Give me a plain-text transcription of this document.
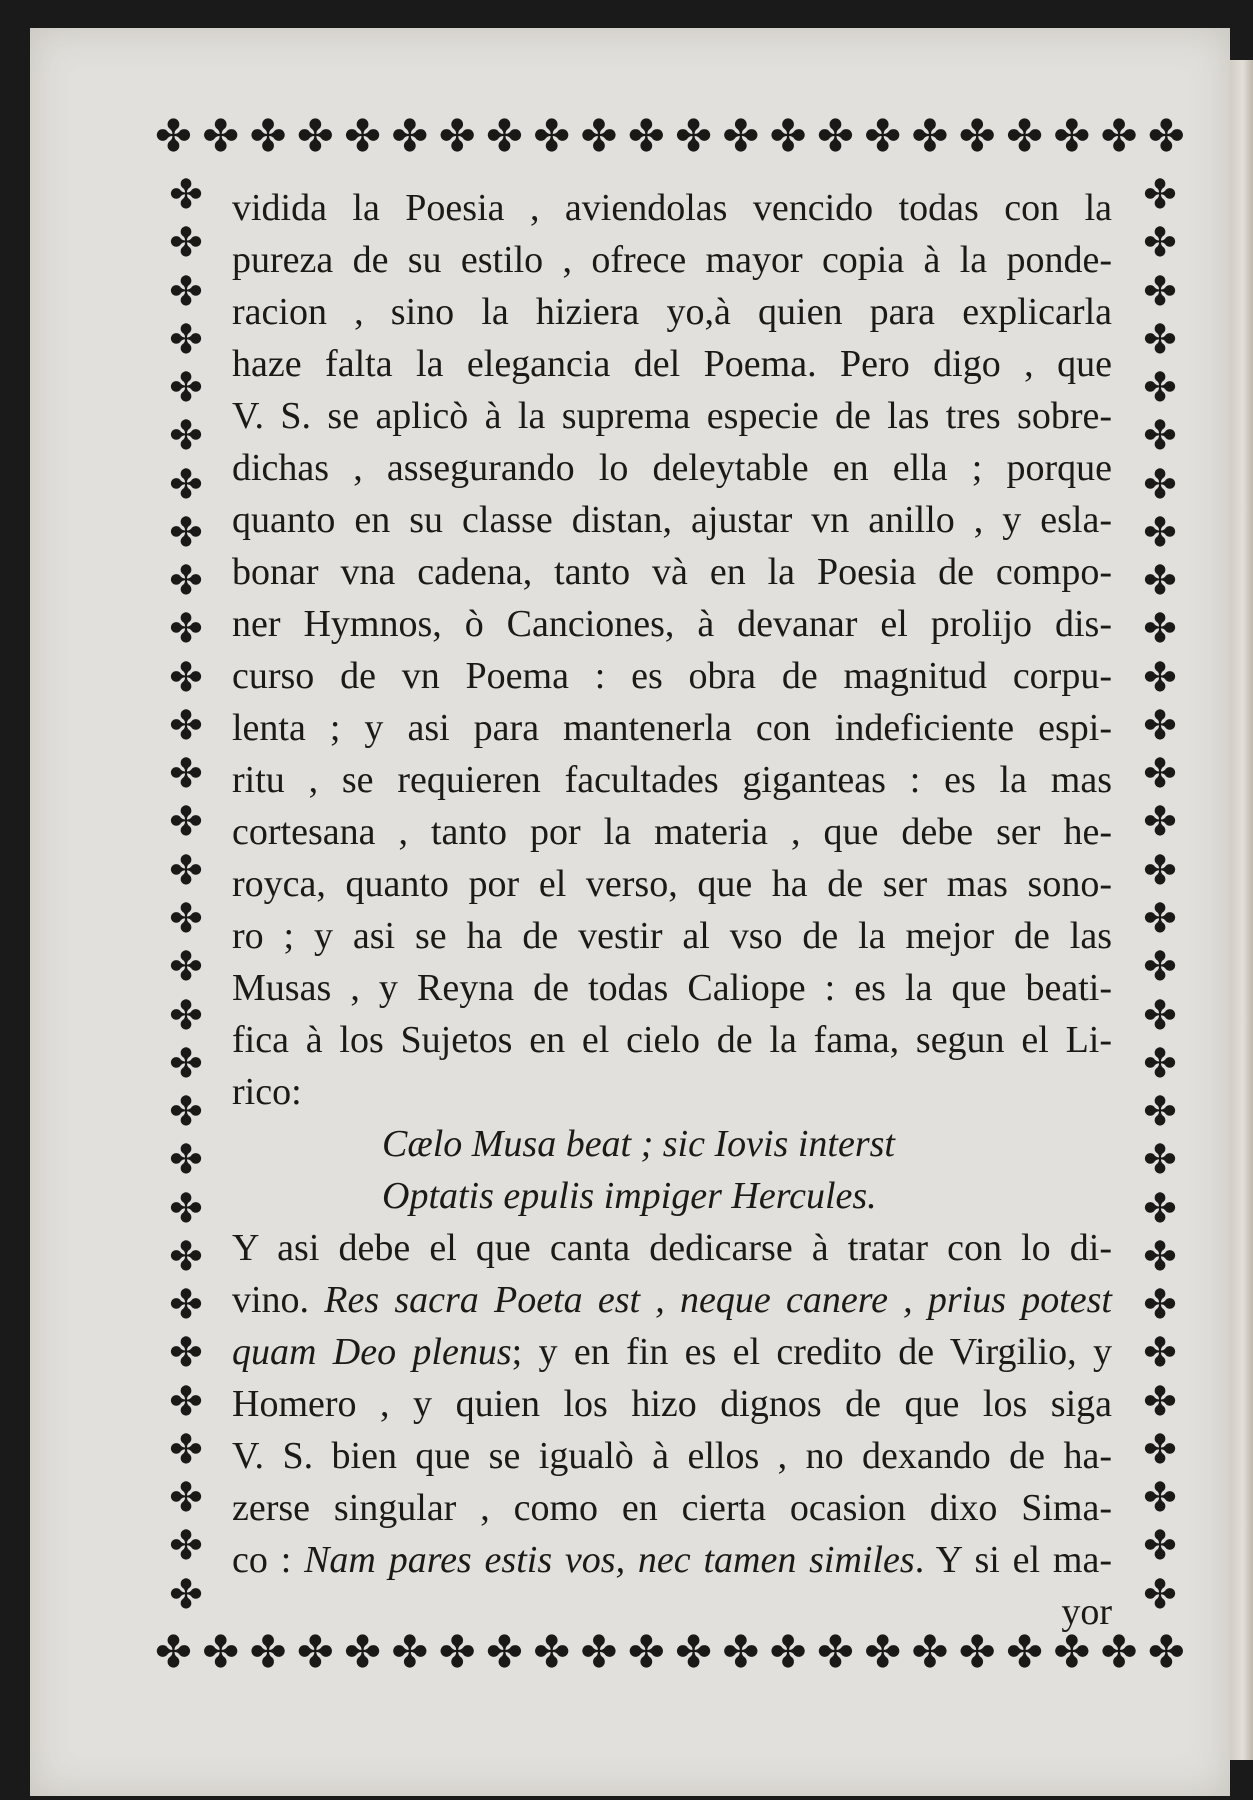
✤ ✤ ✤ ✤ ✤ ✤ ✤ ✤ ✤ ✤ ✤ ✤ ✤ ✤ ✤ ✤ ✤ ✤ ✤ ✤ ✤ ✤
✤ ✤ ✤ ✤ ✤ ✤ ✤ ✤ ✤ ✤ ✤ ✤ ✤ ✤ ✤ ✤ ✤ ✤ ✤ ✤ ✤ ✤
✤
✤
✤
✤
✤
✤
✤
✤
✤
✤
✤
✤
✤
✤
✤
✤
✤
✤
✤
✤
✤
✤
✤
✤
✤
✤
✤
✤
✤
✤
✤
✤
✤
✤
✤
✤
✤
✤
✤
✤
✤
✤
✤
✤
✤
✤
✤
✤
✤
✤
✤
✤
✤
✤
✤
✤
✤
✤
✤
✤
vidida la Poesia , aviendolas vencido todas con la
pureza de su estilo , ofrece mayor copia à la ponde-
racion , sino la hiziera yo,à quien para explicarla
haze falta la elegancia del Poema. Pero digo , que
V. S. se aplicò à la suprema especie de las tres sobre-
dichas , assegurando lo deleytable en ella ; porque
quanto en su classe distan, ajustar vn anillo , y esla-
bonar vna cadena, tanto và en la Poesia de compo-
ner Hymnos, ò Canciones, à devanar el prolijo dis-
curso de vn Poema : es obra de magnitud corpu-
lenta ; y asi para mantenerla con indeficiente espi-
ritu , se requieren facultades giganteas : es la mas
cortesana , tanto por la materia , que debe ser he-
royca, quanto por el verso, que ha de ser mas sono-
ro ; y asi se ha de vestir al vso de la mejor de las
Musas , y Reyna de todas Caliope : es la que beati-
fica à los Sujetos en el cielo de la fama, segun el Li-
rico:
Cælo Musa beat ; sic Iovis interst
Optatis epulis impiger Hercules.
Y asi debe el que canta dedicarse à tratar con lo di-
vino. Res sacra Poeta est , neque canere , prius potest
quam Deo plenus; y en fin es el credito de Virgilio, y
Homero , y quien los hizo dignos de que los siga
V. S. bien que se igualò à ellos , no dexando de ha-
zerse singular , como en cierta ocasion dixo Sima-
co : Nam pares estis vos, nec tamen similes. Y si el ma-
yor
